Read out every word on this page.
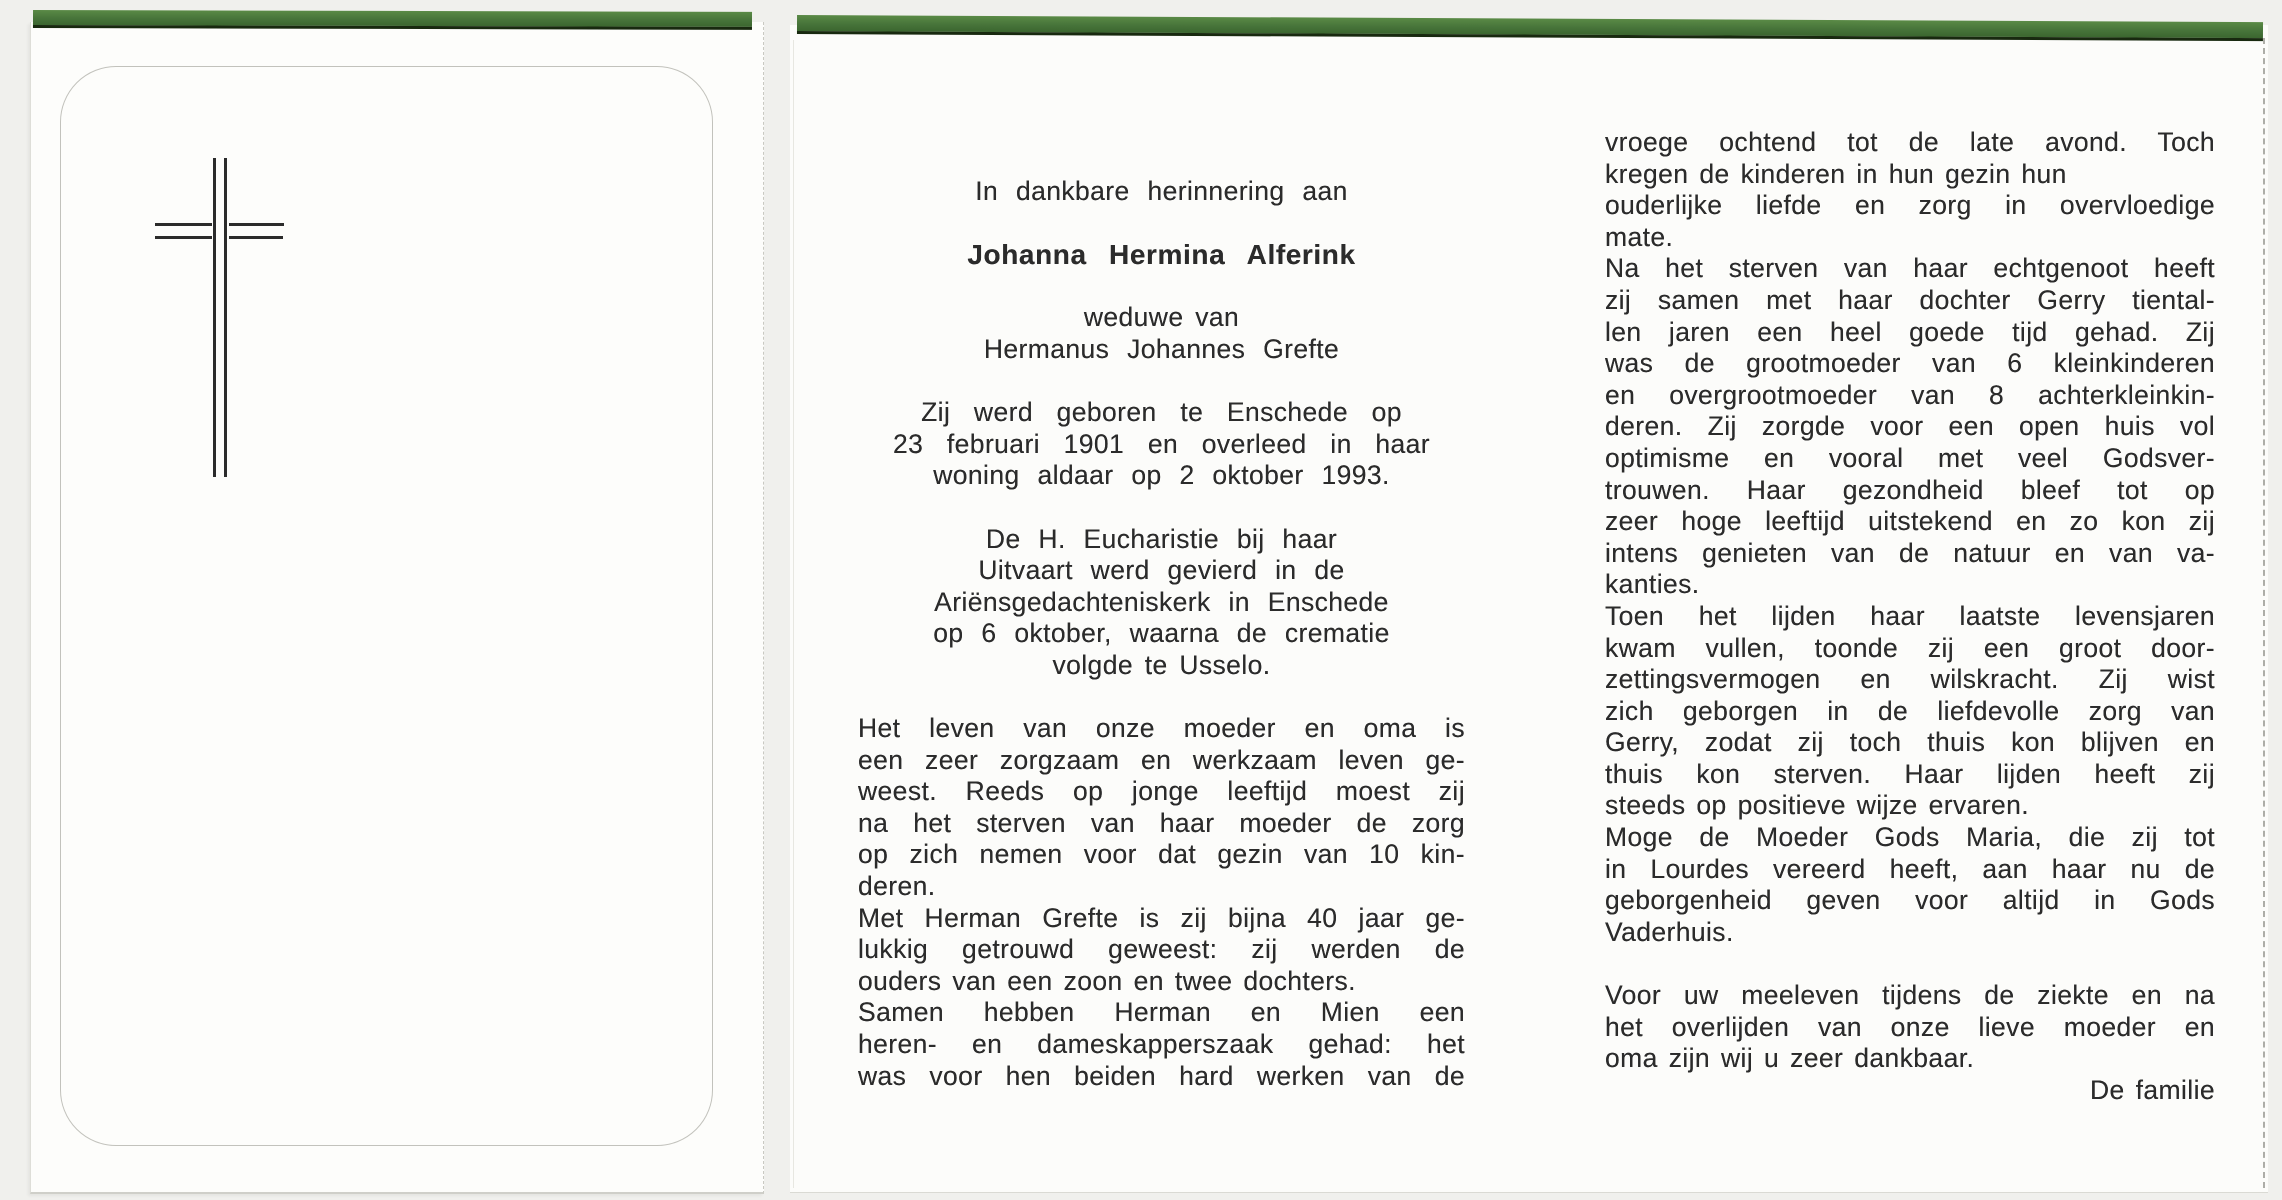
In dankbare herinnering aan
Johanna Hermina Alferink
weduwe van
Hermanus Johannes Grefte
Zij werd geboren te Enschede op
23 februari 1901 en overleed in haar
woning aldaar op 2 oktober 1993.
De H. Eucharistie bij haar
Uitvaart werd gevierd in de
Ariënsgedachteniskerk in Enschede
op 6 oktober, waarna de crematie
volgde te Usselo.
Het leven van onze moeder en oma is
een zeer zorgzaam en werkzaam leven ge-
weest. Reeds op jonge leeftijd moest zij
na het sterven van haar moeder de zorg
op zich nemen voor dat gezin van 10 kin-
deren.
Met Herman Grefte is zij bijna 40 jaar ge-
lukkig getrouwd geweest: zij werden de
ouders van een zoon en twee dochters.
Samen hebben Herman en Mien een
heren- en dameskapperszaak gehad: het
was voor hen beiden hard werken van de
vroege ochtend tot de late avond. Toch
kregen de kinderen in hun gezin hun
ouderlijke liefde en zorg in overvloedige
mate.
Na het sterven van haar echtgenoot heeft
zij samen met haar dochter Gerry tiental-
len jaren een heel goede tijd gehad. Zij
was de grootmoeder van 6 kleinkinderen
en overgrootmoeder van 8 achterkleinkin-
deren. Zij zorgde voor een open huis vol
optimisme en vooral met veel Godsver-
trouwen. Haar gezondheid bleef tot op
zeer hoge leeftijd uitstekend en zo kon zij
intens genieten van de natuur en van va-
kanties.
Toen het lijden haar laatste levensjaren
kwam vullen, toonde zij een groot door-
zettingsvermogen en wilskracht. Zij wist
zich geborgen in de liefdevolle zorg van
Gerry, zodat zij toch thuis kon blijven en
thuis kon sterven. Haar lijden heeft zij
steeds op positieve wijze ervaren.
Moge de Moeder Gods Maria, die zij tot
in Lourdes vereerd heeft, aan haar nu de
geborgenheid geven voor altijd in Gods
Vaderhuis.
Voor uw meeleven tijdens de ziekte en na
het overlijden van onze lieve moeder en
oma zijn wij u zeer dankbaar.
De familie
